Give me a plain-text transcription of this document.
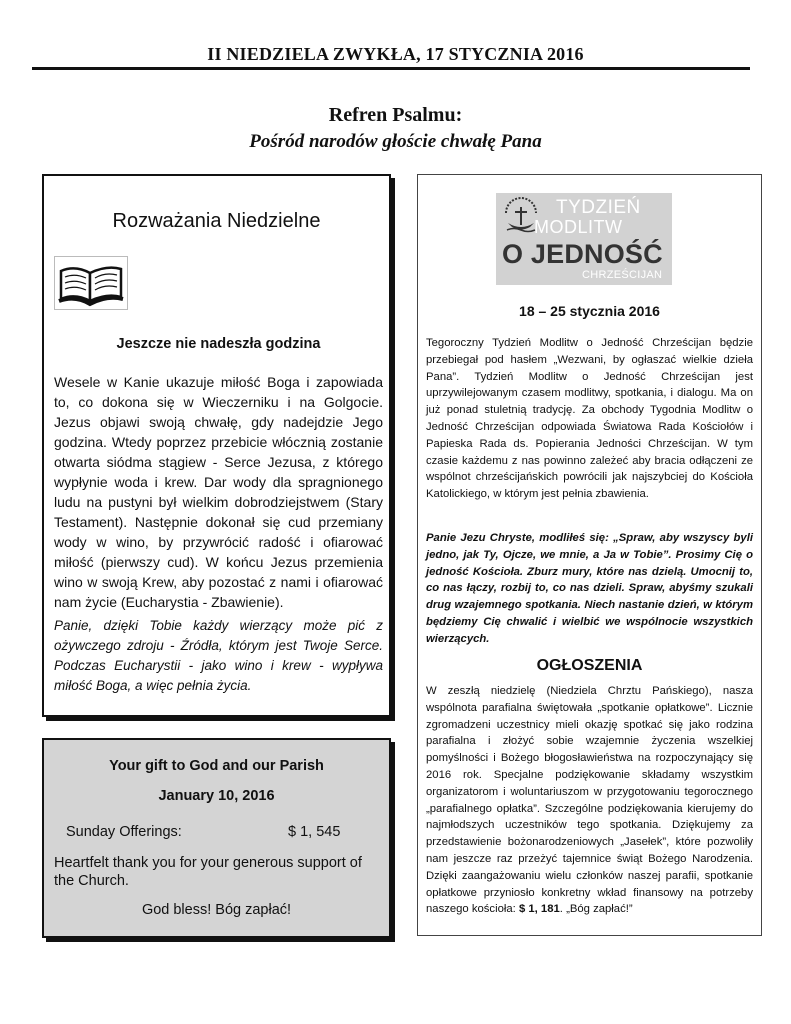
II NIEDZIELA ZWYKŁA, 17 STYCZNIA 2016
Refren Psalmu:
Pośród narodów głoście chwałę Pana
Rozważania Niedzielne
Jeszcze nie nadeszła godzina

Wesele w Kanie ukazuje miłość Boga i zapowiada to, co dokona się w Wieczerniku i na Golgocie. Jezus objawi swoją chwałę, gdy nadejdzie Jego godzina. Wtedy poprzez przebicie włócznią zostanie otwarta siódma stągiew - Serce Jezusa, z którego wypłynie woda i krew. Dar wody dla spragnionego ludu na pustyni był wielkim dobrodziejstwem (Stary Testament). Następnie dokonał się cud przemiany wody w wino, by przywrócić radość i ofiarować miłość (pierwszy cud). W końcu Jezus przemienia wino w swoją Krew, aby pozostać z nami i ofiarować nam życie (Eucharystia - Zbawienie).

Panie, dzięki Tobie każdy wierzący może pić z ożywczego zdroju - Źródła, którym jest Twoje Serce. Podczas Eucharystii - jako wino i krew - wypływa miłość Boga, a więc pełnia życia.

Your gift to God and our Parish
January 10, 2016
Sunday Offerings:	$ 1, 545

Heartfelt thank you for your generous support of the Church.

God bless! Bóg zapłać!
TYDZIEŃ
MODLITW
O JEDNOŚĆ
CHRZEŚCIJAN
18 – 25 stycznia 2016

Tegoroczny Tydzień Modlitw o Jedność Chrześcijan będzie przebiegał pod hasłem „Wezwani, by ogłaszać wielkie dzieła Pana”. Tydzień Modlitw o Jedność Chrześcijan jest uprzywilejowanym czasem modlitwy, spotkania, i dialogu. Ma on już ponad stuletnią tradycję. Za obchody Tygodnia Modlitw o Jedność Chrześcijan odpowiada Światowa Rada Kościołów i Papieska Rada ds. Popierania Jedności Chrześcijan. W tym czasie każdemu z nas powinno zależeć aby bracia odłączeni ze wspólnot chrześcijańskich powrócili jak najszybciej do Kościoła Katolickiego, w którym jest pełnia zbawienia.

Panie Jezu Chryste, modliłeś się: „Spraw, aby wszyscy byli jedno, jak Ty, Ojcze, we mnie, a Ja w Tobie”. Prosimy Cię o jedność Kościoła. Zburz mury, które nas dzielą. Umocnij to, co nas łączy, rozbij to, co nas dzieli. Spraw, abyśmy szukali drug wzajemnego spotkania. Niech nastanie dzień, w którym będziemy Cię chwalić i wielbić we wspólnocie wszystkich wierzących.

OGŁOSZENIA

W zeszłą niedzielę (Niedziela Chrztu Pańskiego), nasza wspólnota parafialna świętowała „spotkanie opłatkowe”. Licznie zgromadzeni uczestnicy mieli okazję spotkać się jako rodzina parafialna i złożyć sobie wzajemnie życzenia wszelkiej pomyślności i Bożego błogosławieństwa na rozpoczynający się 2016 rok. Specjalne podziękowanie składamy wszystkim organizatorom i woluntariuszom w przygotowaniu tegorocznego „parafialnego opłatka”. Szczególne podziękowania kierujemy do najmłodszych uczestników tego spotkania. Dziękujemy za przedstawienie bożonarodzeniowych „Jasełek”, które pozwoliły nam jeszcze raz przeżyć tajemnice świąt Bożego Narodzenia. Dzięki zaangażowaniu wielu członków naszej parafii, spotkanie opłatkowe przyniosło konkretny wkład finansowy na potrzeby naszego kościoła: $ 1, 181. „Bóg zapłać!”
